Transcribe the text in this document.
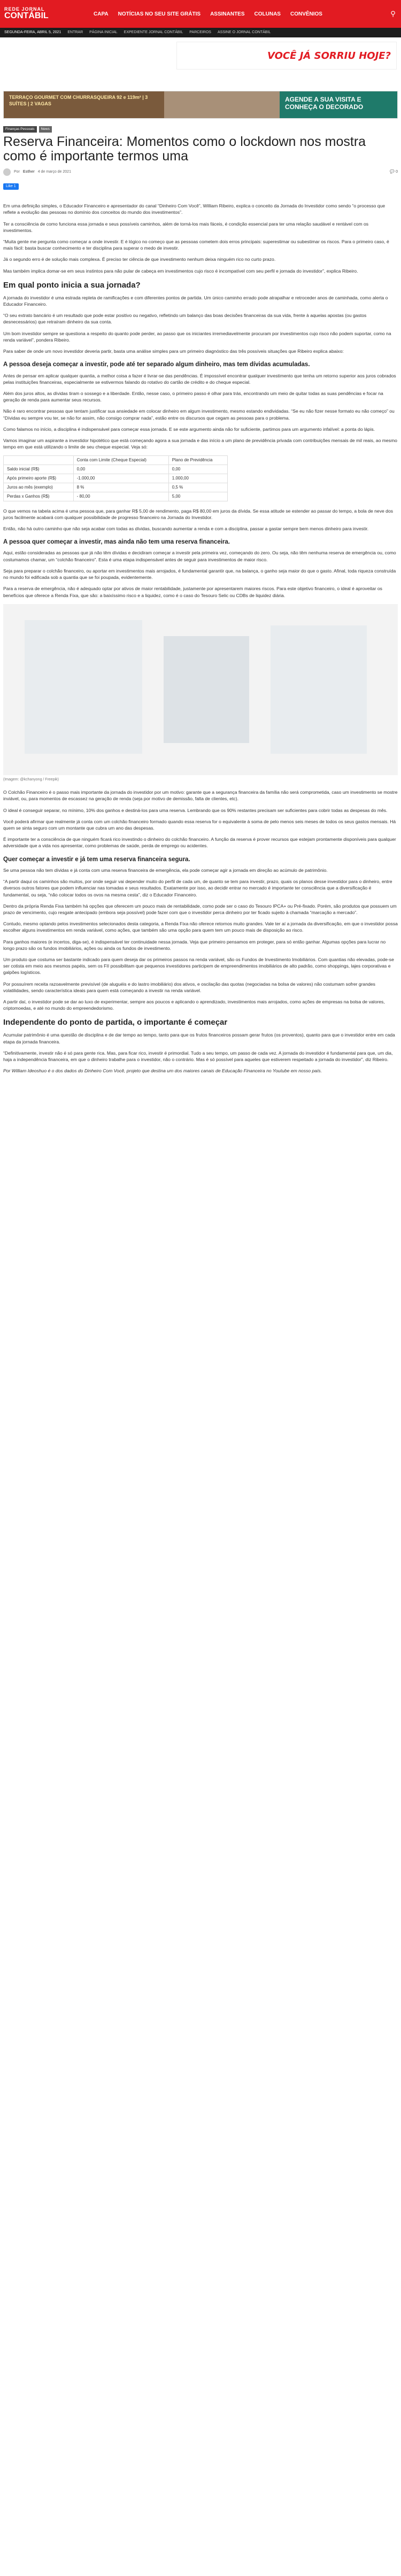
REDE JORNAL
CONTÁBIL	CAPA	NOTÍCIAS NO SEU SITE GRÁTIS	ASSINANTES	COLUNAS	CONVÊNIOS	⚲
SEGUNDA-FEIRA, ABRIL 5, 2021 ENTRAR PÁGINA INICIAL EXPEDIENTE JORNAL CONTÁBIL PARCEIROS ASSINE O JORNAL CONTÁBIL
VOCÊ JÁ SORRIU HOJE?
TERRAÇO GOURMET COM CHURRASQUEIRA 92 e 119m² | 3 SUÍTES | 2 VAGAS
AGENDE A SUA VISITA E CONHEÇA O DECORADO
Finanças Pessoais	News
Reserva Financeira: Momentos como o lockdown nos mostra como é importante termos uma
Por Esther 4 de março de 2021	💬 0
Like 1

Em uma definição simples, o Educador Financeiro e apresentador do canal “Dinheiro Com Você”, William Ribeiro, explica o conceito da Jornada do Investidor como sendo “o processo que reflete a evolução das pessoas no domínio dos conceitos do mundo dos investimentos”.

Ter a consciência de como funciona essa jornada e seus possíveis caminhos, além de torná-los mais fáceis, é condição essencial para ter uma relação saudável e rentável com os investimentos.

“Muita gente me pergunta como começar a onde investir. E é lógico no começo que as pessoas cometem dois erros principais: superestimar ou subestimar os riscos. Para o primeiro caso, é mais fácil: basta buscar conhecimento e ter disciplina para superar o medo de investir.

Já o segundo erro é de solução mais complexa. É preciso ter ciência de que investimento nenhum deixa ninguém rico no curto prazo.

Mas também implica domar-se em seus instintos para não pular de cabeça em investimentos cujo risco é incompatível com seu perfil e jornada do investidor”, explica Ribeiro.

Em qual ponto inicia a sua jornada?

A jornada do investidor é uma estrada repleta de ramificações e com diferentes pontos de partida. Um único caminho errado pode atrapalhar e retroceder anos de caminhada, como alerta o Educador Financeiro.

“O seu extrato bancário é um resultado que pode estar positivo ou negativo, refletindo um balanço das boas decisões financeiras da sua vida, frente à aquelas apostas (ou gastos desnecessários) que retraíram dinheiro da sua conta.

Um bom investidor sempre se questiona a respeito do quanto pode perder, ao passo que os iniciantes irremediavelmente procuram por investimentos cujo risco não podem suportar, como na renda variável”, pondera Ribeiro.

Para saber de onde um novo investidor deveria partir, basta uma análise simples para um primeiro diagnóstico das três possíveis situações que Ribeiro explica abaixo:

A pessoa deseja começar a investir, pode até ter separado algum dinheiro, mas tem dívidas acumuladas.

Antes de pensar em aplicar qualquer quantia, a melhor coisa a fazer é livrar-se das pendências. É impossível encontrar qualquer investimento que tenha um retorno superior aos juros cobrados pelas instituições financeiras, especialmente se estivermos falando do rotativo do cartão de crédito e do cheque especial.

Além dos juros altos, as dívidas tiram o sossego e a liberdade. Então, nesse caso, o primeiro passo é olhar para trás, encontrando um meio de quitar todas as suas pendências e focar na geração de renda para aumentar seus recursos.

Não é raro encontrar pessoas que tentam justificar sua ansiedade em colocar dinheiro em algum investimento, mesmo estando endividadas. “Se eu não fizer nesse formato eu não começo” ou “Dívidas eu sempre vou ter, se não for assim, não consigo comprar nada”, estão entre os discursos que cegam as pessoas para o problema.

Como falamos no início, a disciplina é indispensável para começar essa jornada. E se este argumento ainda não for suficiente, partimos para um argumento infalível: a ponta do lápis.

Vamos imaginar um aspirante a investidor hipotético que está começando agora a sua jornada e das início a um plano de previdência privada com contribuições mensais de mil reais, ao mesmo tempo em que está utilizando o limite de seu cheque especial. Veja só:

	Conta com Limite (Cheque Especial)	Plano de Previdência
Saldo inicial (R$)	0,00	0,00
Após primeiro aporte (R$)	-1.000,00	1.000,00
Juros ao mês (exemplo)	8 %	0,5 %
Perdas x Ganhos (R$)	- 80,00	5,00

O que vemos na tabela acima é uma pessoa que, para ganhar R$ 5,00 de rendimento, paga R$ 80,00 em juros da dívida. Se essa atitude se estender ao passar do tempo, a bola de neve dos juros facilmente acabará com qualquer possibilidade de progresso financeiro na Jornada do Investidor.

Então, não há outro caminho que não seja acabar com todas as dívidas, buscando aumentar a renda e com a disciplina, passar a gastar sempre bem menos dinheiro para investir.

A pessoa quer começar a investir, mas ainda não tem uma reserva financeira.

Aqui, estão consideradas as pessoas que já não têm dívidas e decidiram começar a investir pela primeira vez, começando do zero. Ou seja, não têm nenhuma reserva de emergência ou, como costumamos chamar, um “colchão financeiro”. Esta é uma etapa indispensável antes de seguir para investimentos de maior risco.

Seja para preparar o colchão financeiro, ou aportar em investimentos mais arrojados, é fundamental garantir que, na balança, o ganho seja maior do que o gasto. Afinal, toda riqueza construída no mundo foi edificada sob a quantia que se foi poupada, evidentemente.

Para a reserva de emergência, não é adequado optar por ativos de maior rentabilidade, justamente por apresentarem maiores riscos. Para este objetivo financeiro, o ideal é aproveitar os benefícios que oferece a Renda Fixa, que são: a baixíssimo risco e a liquidez, como é o caso do Tesouro Selic ou CDBs de liquidez diária.

(Imagem: @kchanyong / Freepik)

O Colchão Financeiro é o passo mais importante da jornada do investidor por um motivo: garante que a segurança financeira da família não será comprometida, caso um investimento se mostre inviável, ou, para momentos de escassez na geração de renda (seja por motivo de demissão, falta de clientes, etc).

O ideal é conseguir separar, no mínimo, 10% dos ganhos e destiná-los para uma reserva. Lembrando que os 90% restantes precisam ser suficientes para cobrir todas as despesas do mês.

Você poderá afirmar que realmente já conta com um colchão financeiro formado quando essa reserva for o equivalente à soma de pelo menos seis meses de todos os seus gastos mensais. Há quem se sinta seguro com um montante que cubra um ano das despesas.

É importante ter a consciência de que ninguém ficará rico investindo o dinheiro do colchão financeiro. A função da reserva é prover recursos que estejam prontamente disponíveis para qualquer adversidade que a vida nos apresentar, como problemas de saúde, perda de emprego ou acidentes.

Quer começar a investir e já tem uma reserva financeira segura.

Se uma pessoa não tem dívidas e já conta com uma reserva financeira de emergência, ela pode começar agir a jornada em direção ao acúmulo de patrimônio.

“A partir daqui os caminhos são muitos, por onde seguir vai depender muito do perfil de cada um, de quanto se tem para investir, prazo, quais os planos desse investidor para o dinheiro, entre diversos outros fatores que podem influenciar nas tomadas e seus resultados. Exatamente por isso, ao decidir entrar no mercado é importante ter consciência que a diversificação é fundamental, ou seja, “não colocar todos os ovos na mesma cesta”, diz o Educador Financeiro.

Dentro da própria Renda Fixa também há opções que oferecem um pouco mais de rentabilidade, como pode ser o caso do Tesouro IPCA+ ou Pré-fixado. Porém, são produtos que possuem um prazo de vencimento, cujo resgate antecipado (embora seja possível) pode fazer com que o investidor perca dinheiro por ter ficado sujeito à chamada “marcação a mercado”.

Contudo, mesmo optando pelos investimentos selecionados desta categoria, a Renda Fixa não oferece retornos muito grandes. Vale ter aí a jornada da diversificação, em que o investidor possa escolher alguns investimentos em renda variável, como ações, que também são uma opção para quem tem um pouco mais de disposição ao risco.

Para ganhos maiores (e incertos, diga-se), é indispensável ter continuidade nessa jornada. Veja que primeiro pensamos em proteger, para só então ganhar. Algumas opções para lucrar no longo prazo são os fundos imobiliários, ações ou ainda os fundos de investimento.

Um produto que costuma ser bastante indicado para quem deseja dar os primeiros passos na renda variável, são os Fundos de Investimento Imobiliários. Com quantias não elevadas, pode-se ser cotista em meio aos mesmos papéis, sem os FII possibilitam que pequenos investidores participem de empreendimentos imobiliários de alto padrão, como shoppings, lajes corporativas e galpões logísticos.

Por possuírem receita razoavelmente previsível (de aluguéis e do lastro imobiliário) dos ativos, e oscilação das quotas (negociadas na bolsa de valores) não costumam sofrer grandes volatilidades, sendo característica ideais para quem está começando a investir na renda variável.

A partir daí, o investidor pode se dar ao luxo de experimentar, sempre aos poucos e aplicando o aprendizado, investimentos mais arrojados, como ações de empresas na bolsa de valores, criptomoedas, e até no mundo do empreendedorismo.

Independente do ponto de partida, o importante é começar

Acumular patrimônio é uma questão de disciplina e de dar tempo ao tempo, tanto para que os frutos financeiros possam gerar frutos (os proventos), quanto para que o investidor entre em cada etapa da jornada financeira.

“Definitivamente, investir não é só para gente rica. Mas, para ficar rico, investir é primordial. Tudo a seu tempo, um passo de cada vez. A jornada do investidor é fundamental para que, um dia, haja a independência financeira, em que o dinheiro trabalhe para o investidor, não o contrário. Mas é só possível para aqueles que estiverem respeitado a jornada do investidor”, diz Ribeiro.

Por William Ideoshuo é o dos dados do Dinheiro Com Você, projeto que destina um dos maiores canais de Educação Financeira no Youtube em nosso país.
